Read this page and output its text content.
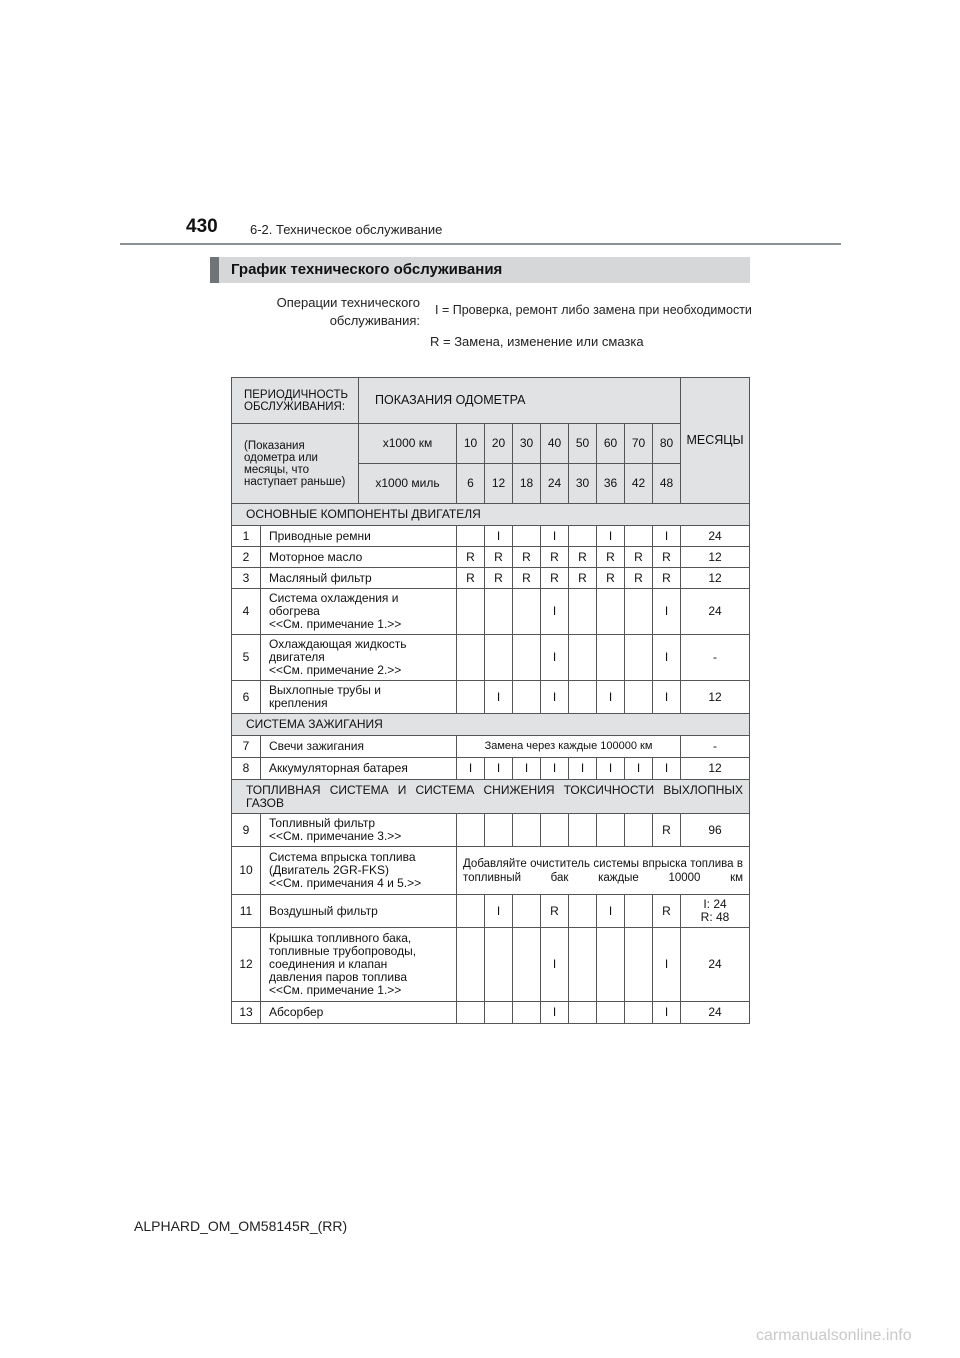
430 6-2. Техническое обслуживание
График технического обслуживания
Операции технического
обслуживания:
I = Проверка, ремонт либо замена при необходимости
R = Замена, изменение или смазка
ПЕРИОДИЧНОСТЬ ОБСЛУЖИВАНИЯ:		ПОКАЗАНИЯ ОДОМЕТРА									МЕСЯЦЫ
(Показания одометра или месяцы, что наступает раньше)		x1000 км	10	20	30	40	50	60	70	80	
		x1000 миль	6	12	18	24	30	36	42	48	
ОСНОВНЫЕ КОМПОНЕНТЫ ДВИГАТЕЛЯ											
1	Приводные ремни			I		I		I		I	24
2	Моторное масло		R	R	R	R	R	R	R	R	12
3	Масляный фильтр		R	R	R	R	R	R	R	R	12
4	Система охлаждения и
обогрева
<<См. примечание 1.>>					I				I	24
5	Охлаждающая жидкость
двигателя
<<См. примечание 2.>>					I				I	-
6	Выхлопные трубы и
крепления			I		I		I		I	12
СИСТЕМА ЗАЖИГАНИЯ											
7	Свечи зажигания		Замена через каждые 100000 км								-
8	Аккумуляторная батарея		I	I	I	I	I	I	I	I	12
ТОПЛИВНАЯ СИСТЕМА И СИСТЕМА СНИЖЕНИЯ ТОКСИЧНОСТИ ВЫХЛОПНЫХ ГАЗОВ											
9	Топливный фильтр
<<См. примечание 3.>>									R	96
10	Система впрыска топлива
(Двигатель 2GR-FKS)
<<См. примечания 4 и 5.>>		Добавляйте очиститель системы впрыска топлива в топливный бак каждые 10000 км								
11	Воздушный фильтр			I		R		I		R	I: 24
R: 48

12	Крышка топливного бака,
топливные трубопроводы,
соединения и клапан
давления паров топлива
<<См. примечание 1.>>					I				I	24
13	Абсорбер					I				I	24
ALPHARD_OM_OM58145R_(RR)
carmanualsonline.info
